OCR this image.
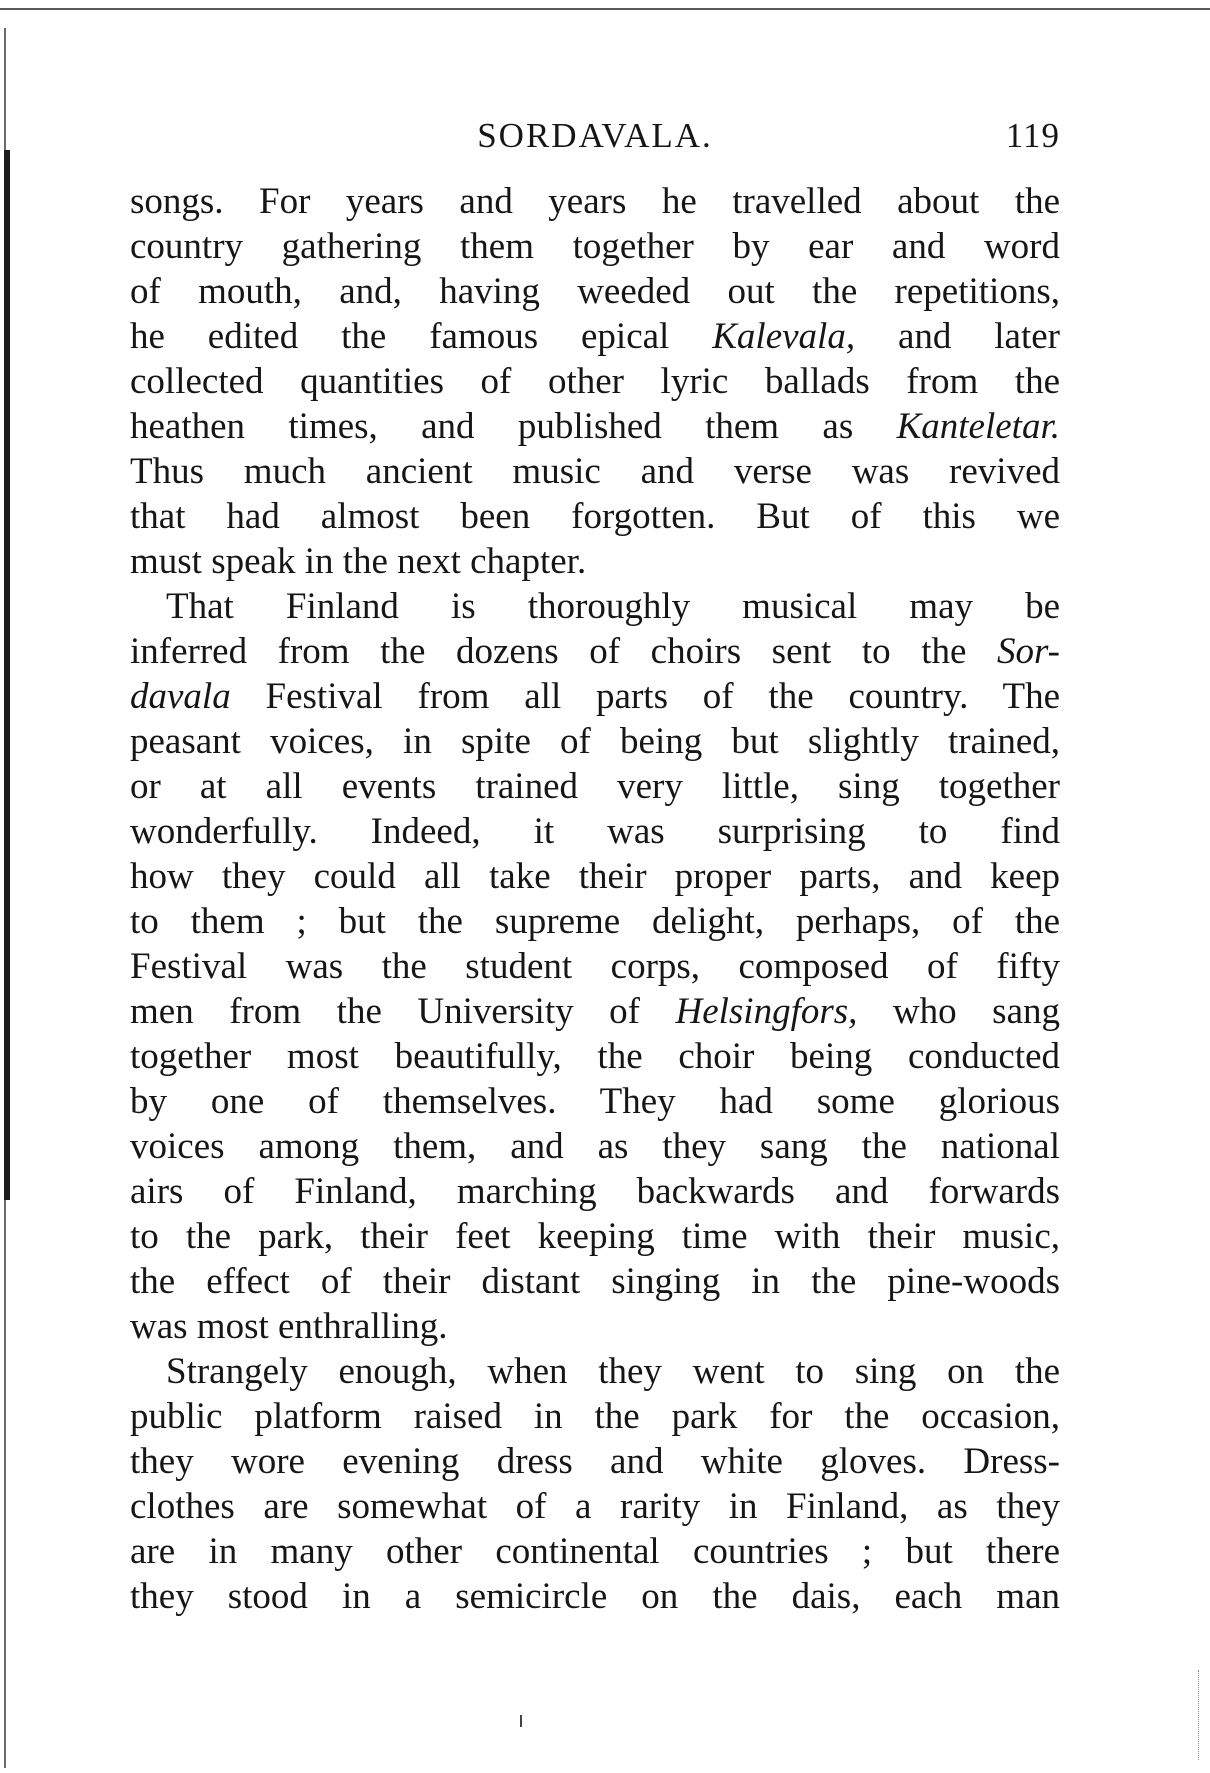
SORDAVALA.	119
songs. For years and years he travelled about the
country gathering them together by ear and word
of mouth, and, having weeded out the repetitions,
he edited the famous epical Kalevala, and later
collected quantities of other lyric ballads from the
heathen times, and published them as Kanteletar.
Thus much ancient music and verse was revived
that had almost been forgotten. But of this we
must speak in the next chapter.
That Finland is thoroughly musical may be
inferred from the dozens of choirs sent to the Sor-
davala Festival from all parts of the country. The
peasant voices, in spite of being but slightly trained,
or at all events trained very little, sing together
wonderfully. Indeed, it was surprising to find
how they could all take their proper parts, and keep
to them ; but the supreme delight, perhaps, of the
Festival was the student corps, composed of fifty
men from the University of Helsingfors, who sang
together most beautifully, the choir being conducted
by one of themselves. They had some glorious
voices among them, and as they sang the national
airs of Finland, marching backwards and forwards
to the park, their feet keeping time with their music,
the effect of their distant singing in the pine-woods
was most enthralling.
Strangely enough, when they went to sing on the
public platform raised in the park for the occasion,
they wore evening dress and white gloves. Dress-
clothes are somewhat of a rarity in Finland, as they
are in many other continental countries ; but there
they stood in a semicircle on the dais, each man
